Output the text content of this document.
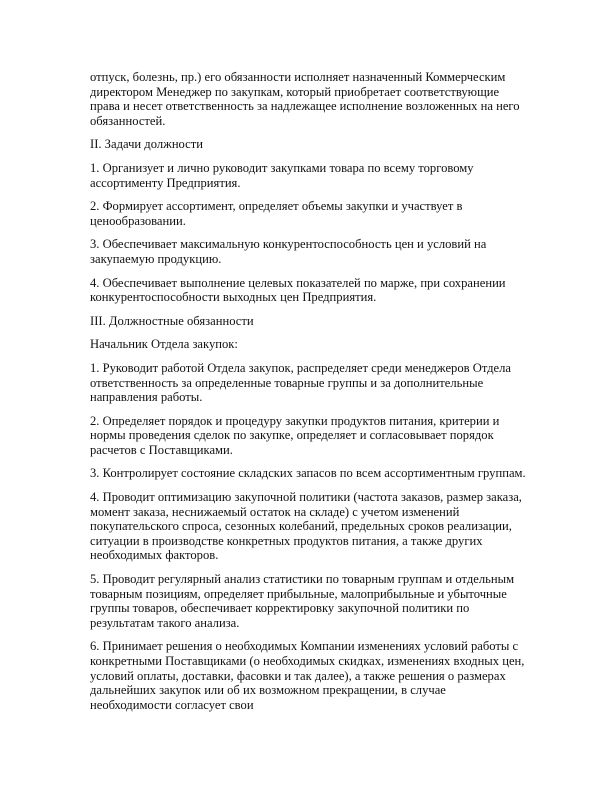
отпуск, болезнь, пр.) его обязанности исполняет назначенный Коммерческим директором Менеджер по закупкам, который приобретает соответствующие права и несет ответственность за надлежащее исполнение возложенных на него обязанностей.

II. Задачи должности

1. Организует и лично руководит закупками товара по всему торговому ассортименту Предприятия.

2. Формирует ассортимент, определяет объемы закупки и участвует в ценообразовании.

3. Обеспечивает максимальную конкурентоспособность цен и условий на закупаемую продукцию.

4. Обеспечивает выполнение целевых показателей по марже, при сохранении конкурентоспособности выходных цен Предприятия.

III. Должностные обязанности

Начальник Отдела закупок:

1. Руководит работой Отдела закупок, распределяет среди менеджеров Отдела ответственность за определенные товарные группы и за дополнительные направления работы.

2. Определяет порядок и процедуру закупки продуктов питания, критерии и нормы проведения сделок по закупке, определяет и согласовывает порядок расчетов с Поставщиками.

3. Контролирует состояние складских запасов по всем ассортиментным группам.

4. Проводит оптимизацию закупочной политики (частота заказов, размер заказа, момент заказа, неснижаемый остаток на складе) с учетом изменений покупательского спроса, сезонных колебаний, предельных сроков реализации, ситуации в производстве конкретных продуктов питания, а также других необходимых факторов.

5. Проводит регулярный анализ статистики по товарным группам и отдельным товарным позициям, определяет прибыльные, малоприбыльные и убыточные группы товаров, обеспечивает корректировку закупочной политики по результатам такого анализа.

6. Принимает решения о необходимых Компании изменениях условий работы с конкретными Поставщиками (о необходимых скидках, изменениях входных цен, условий оплаты, доставки, фасовки и так далее), а также решения о размерах дальнейших закупок или об их возможном прекращении, в случае необходимости согласует свои
